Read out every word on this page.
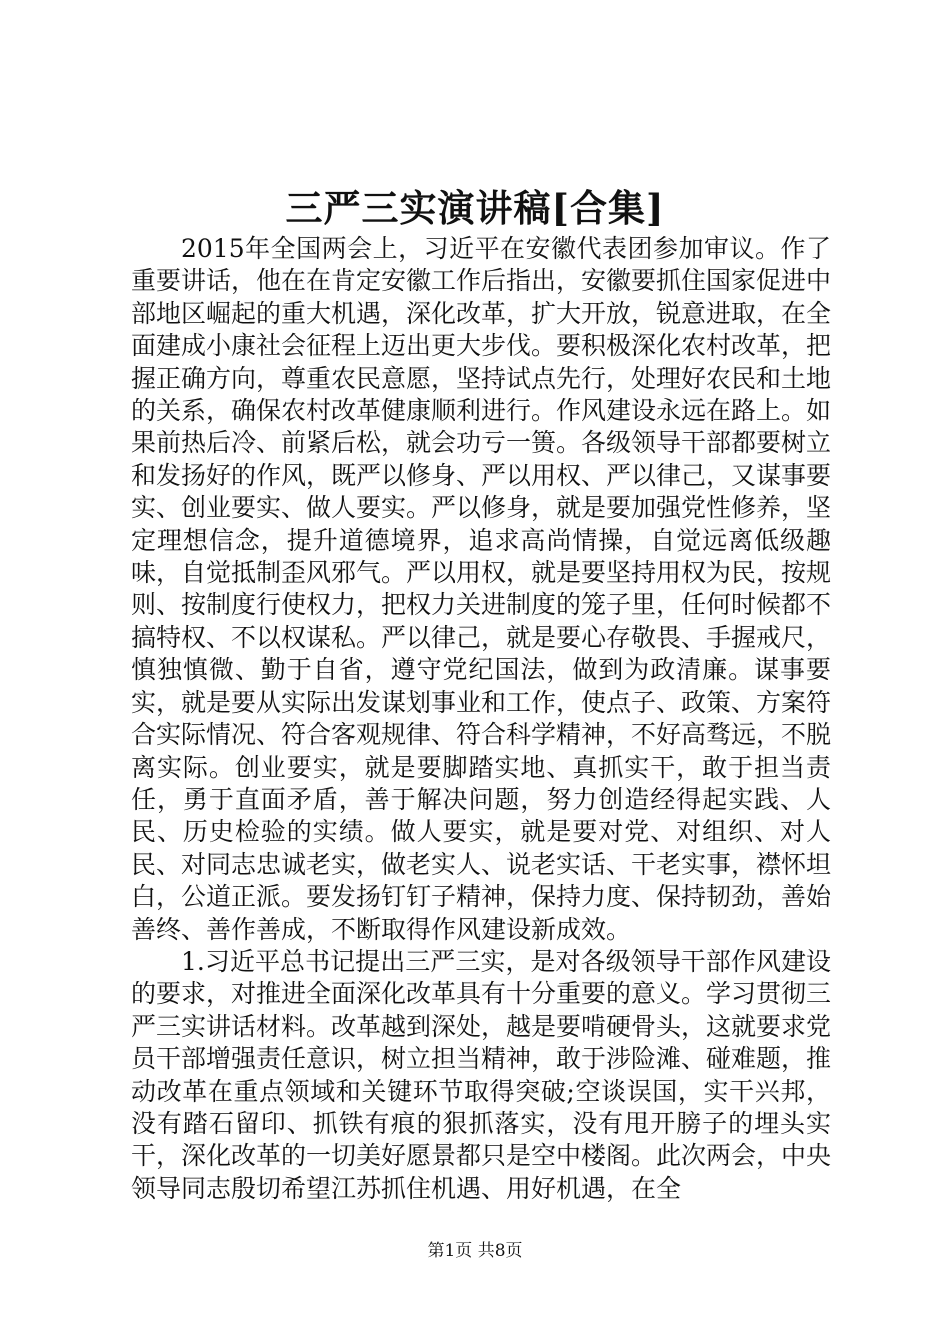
三严三实演讲稿[合集]

2015年全国两会上，习近平在安徽代表团参加审议。作了重要讲话，他在在肯定安徽工作后指出，安徽要抓住国家促进中部地区崛起的重大机遇，深化改革，扩大开放，锐意进取，在全面建成小康社会征程上迈出更大步伐。要积极深化农村改革，把握正确方向，尊重农民意愿，坚持试点先行，处理好农民和土地的关系，确保农村改革健康顺利进行。作风建设永远在路上。如果前热后冷、前紧后松，就会功亏一篑。各级领导干部都要树立和发扬好的作风，既严以修身、严以用权、严以律己，又谋事要实、创业要实、做人要实。严以修身，就是要加强党性修养，坚定理想信念，提升道德境界，追求高尚情操，自觉远离低级趣味，自觉抵制歪风邪气。严以用权，就是要坚持用权为民，按规则、按制度行使权力，把权力关进制度的笼子里，任何时候都不搞特权、不以权谋私。严以律己，就是要心存敬畏、手握戒尺，慎独慎微、勤于自省，遵守党纪国法，做到为政清廉。谋事要实，就是要从实际出发谋划事业和工作，使点子、政策、方案符合实际情况、符合客观规律、符合科学精神，不好高骛远，不脱离实际。创业要实，就是要脚踏实地、真抓实干，敢于担当责任，勇于直面矛盾，善于解决问题，努力创造经得起实践、人民、历史检验的实绩。做人要实，就是要对党、对组织、对人民、对同志忠诚老实，做老实人、说老实话、干老实事，襟怀坦白，公道正派。要发扬钉钉子精神，保持力度、保持韧劲，善始善终、善作善成，不断取得作风建设新成效。

1.习近平总书记提出三严三实，是对各级领导干部作风建设的要求，对推进全面深化改革具有十分重要的意义。学习贯彻三严三实讲话材料。改革越到深处，越是要啃硬骨头，这就要求党员干部增强责任意识，树立担当精神，敢于涉险滩、碰难题，推动改革在重点领域和关键环节取得突破;空谈误国，实干兴邦，没有踏石留印、抓铁有痕的狠抓落实，没有甩开膀子的埋头实干，深化改革的一切美好愿景都只是空中楼阁。此次两会，中央领导同志殷切希望江苏抓住机遇、用好机遇，在全

第1页 共8页
